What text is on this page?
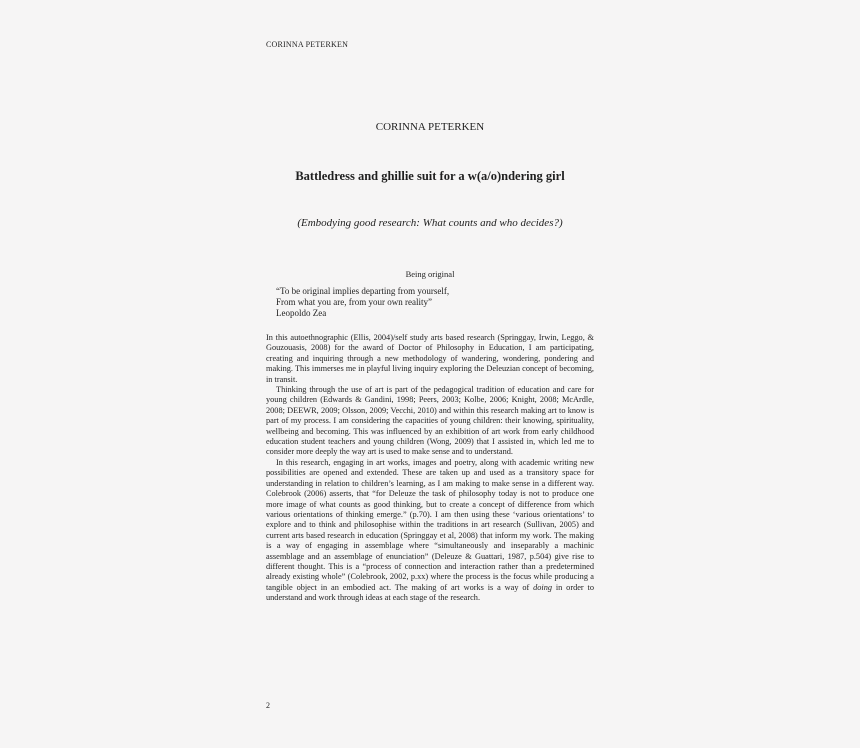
CORINNA PETERKEN
CORINNA PETERKEN
Battledress and ghillie suit for a w(a/o)ndering girl
(Embodying good research: What counts and who decides?)
Being original
“To be original implies departing from yourself,
From what you are, from your own reality”
Leopoldo Zea

In this autoethnographic (Ellis, 2004)/self study arts based research (Springgay, Irwin, Leggo, & Gouzouasis, 2008) for the award of Doctor of Philosophy in Education, I am participating, creating and inquiring through a new methodology of wandering, wondering, pondering and making. This immerses me in playful living inquiry exploring the Deleuzian concept of becoming, in transit.

Thinking through the use of art is part of the pedagogical tradition of education and care for young children (Edwards & Gandini, 1998; Peers, 2003; Kolbe, 2006; Knight, 2008; McArdle, 2008; DEEWR, 2009; Olsson, 2009; Vecchi, 2010) and within this research making art to know is part of my process. I am considering the capacities of young children: their knowing, spirituality, wellbeing and becoming. This was influenced by an exhibition of art work from early childhood education student teachers and young children (Wong, 2009) that I assisted in, which led me to consider more deeply the way art is used to make sense and to understand.

In this research, engaging in art works, images and poetry, along with academic writing new possibilities are opened and extended. These are taken up and used as a transitory space for understanding in relation to children’s learning, as I am making to make sense in a different way. Colebrook (2006) asserts, that “for Deleuze the task of philosophy today is not to produce one more image of what counts as good thinking, but to create a concept of difference from which various orientations of thinking emerge.” (p.70). I am then using these ‘various orientations’ to explore and to think and philosophise within the traditions in art research (Sullivan, 2005) and current arts based research in education (Springgay et al, 2008) that inform my work. The making is a way of engaging in assemblage where “simultaneously and inseparably a machinic assemblage and an assemblage of enunciation” (Deleuze & Guattari, 1987, p.504) give rise to different thought. This is a “process of connection and interaction rather than a predetermined already existing whole” (Colebrook, 2002, p.xx) where the process is the focus while producing a tangible object in an embodied act. The making of art works is a way of doing in order to understand and work through ideas at each stage of the research.

2
